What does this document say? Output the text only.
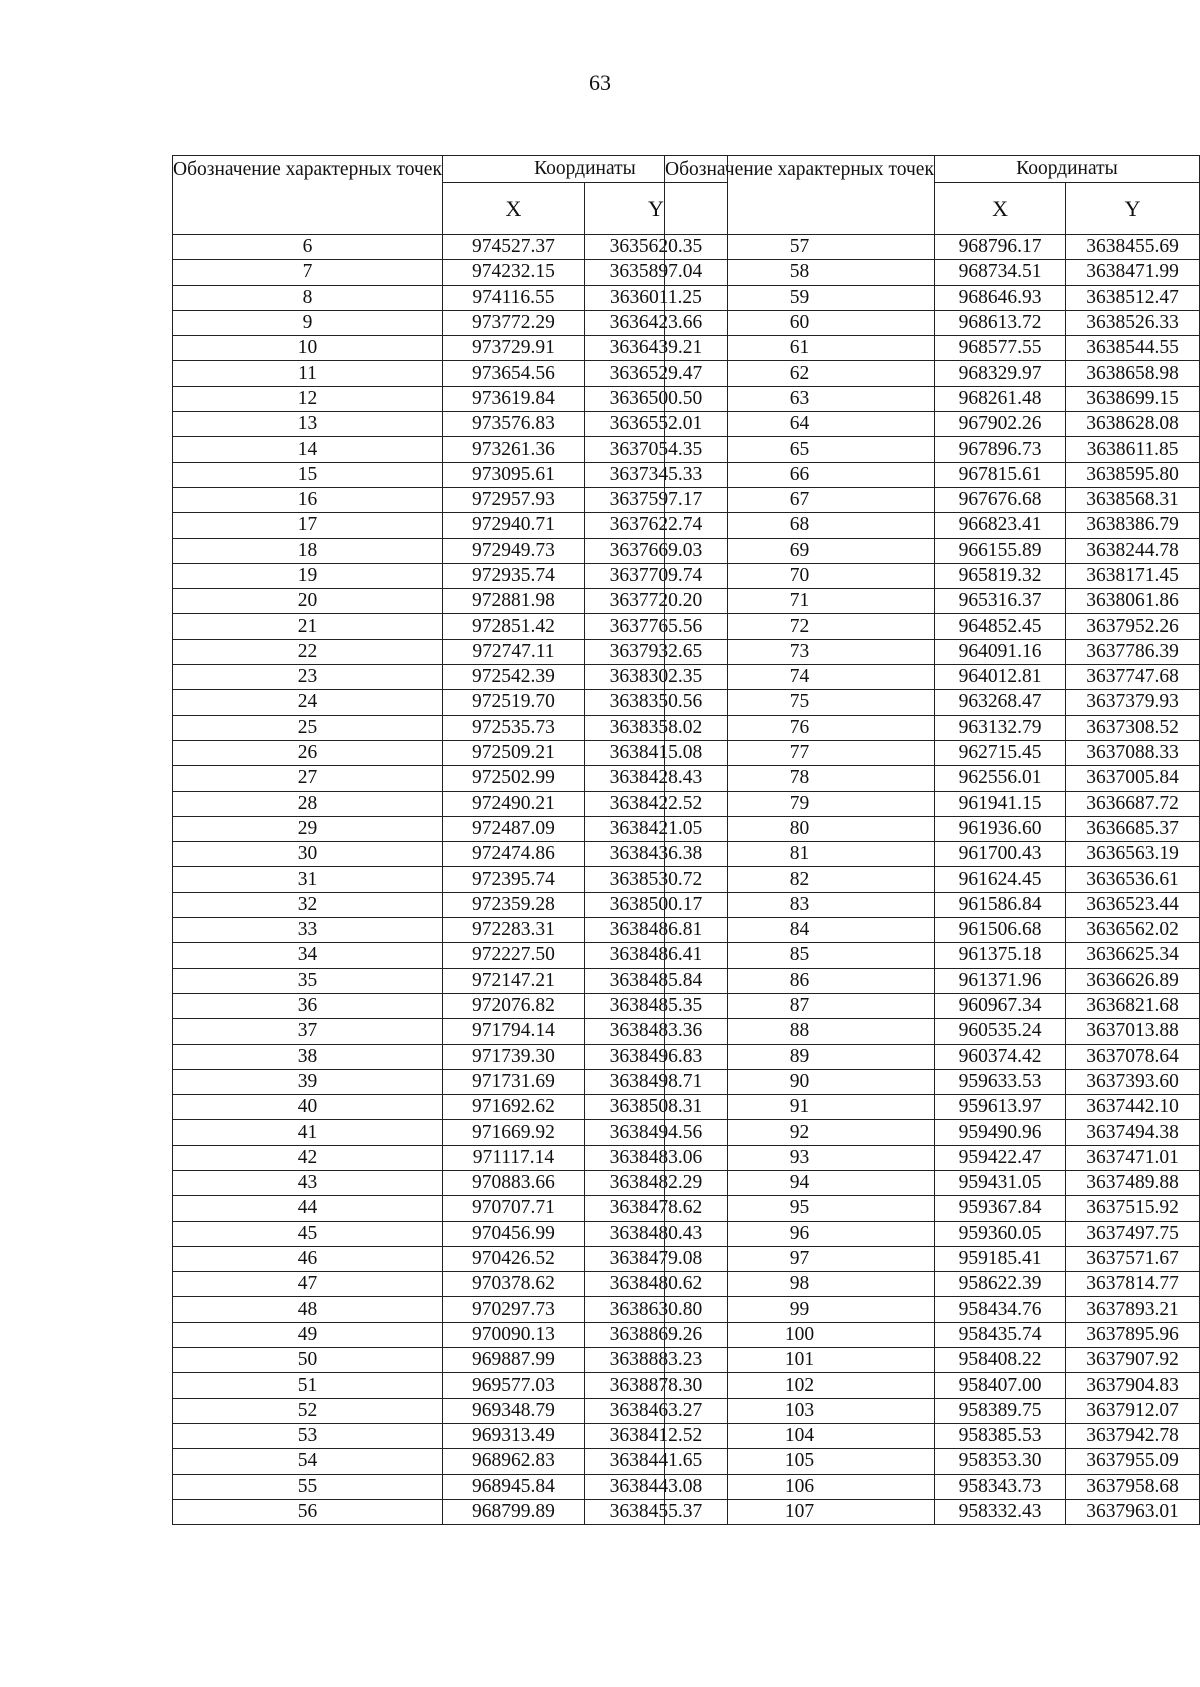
63
Обозначение характерных точек	Координаты	
	X	Y
6	974527.37	3635620.35
7	974232.15	3635897.04
8	974116.55	3636011.25
9	973772.29	3636423.66
10	973729.91	3636439.21
11	973654.56	3636529.47
12	973619.84	3636500.50
13	973576.83	3636552.01
14	973261.36	3637054.35
15	973095.61	3637345.33
16	972957.93	3637597.17
17	972940.71	3637622.74
18	972949.73	3637669.03
19	972935.74	3637709.74
20	972881.98	3637720.20
21	972851.42	3637765.56
22	972747.11	3637932.65
23	972542.39	3638302.35
24	972519.70	3638350.56
25	972535.73	3638358.02
26	972509.21	3638415.08
27	972502.99	3638428.43
28	972490.21	3638422.52
29	972487.09	3638421.05
30	972474.86	3638436.38
31	972395.74	3638530.72
32	972359.28	3638500.17
33	972283.31	3638486.81
34	972227.50	3638486.41
35	972147.21	3638485.84
36	972076.82	3638485.35
37	971794.14	3638483.36
38	971739.30	3638496.83
39	971731.69	3638498.71
40	971692.62	3638508.31
41	971669.92	3638494.56
42	971117.14	3638483.06
43	970883.66	3638482.29
44	970707.71	3638478.62
45	970456.99	3638480.43
46	970426.52	3638479.08
47	970378.62	3638480.62
48	970297.73	3638630.80
49	970090.13	3638869.26
50	969887.99	3638883.23
51	969577.03	3638878.30
52	969348.79	3638463.27
53	969313.49	3638412.52
54	968962.83	3638441.65
55	968945.84	3638443.08
56	968799.89	3638455.37
Обозначение характерных точек	Координаты	
	X	Y
57	968796.17	3638455.69
58	968734.51	3638471.99
59	968646.93	3638512.47
60	968613.72	3638526.33
61	968577.55	3638544.55
62	968329.97	3638658.98
63	968261.48	3638699.15
64	967902.26	3638628.08
65	967896.73	3638611.85
66	967815.61	3638595.80
67	967676.68	3638568.31
68	966823.41	3638386.79
69	966155.89	3638244.78
70	965819.32	3638171.45
71	965316.37	3638061.86
72	964852.45	3637952.26
73	964091.16	3637786.39
74	964012.81	3637747.68
75	963268.47	3637379.93
76	963132.79	3637308.52
77	962715.45	3637088.33
78	962556.01	3637005.84
79	961941.15	3636687.72
80	961936.60	3636685.37
81	961700.43	3636563.19
82	961624.45	3636536.61
83	961586.84	3636523.44
84	961506.68	3636562.02
85	961375.18	3636625.34
86	961371.96	3636626.89
87	960967.34	3636821.68
88	960535.24	3637013.88
89	960374.42	3637078.64
90	959633.53	3637393.60
91	959613.97	3637442.10
92	959490.96	3637494.38
93	959422.47	3637471.01
94	959431.05	3637489.88
95	959367.84	3637515.92
96	959360.05	3637497.75
97	959185.41	3637571.67
98	958622.39	3637814.77
99	958434.76	3637893.21
100	958435.74	3637895.96
101	958408.22	3637907.92
102	958407.00	3637904.83
103	958389.75	3637912.07
104	958385.53	3637942.78
105	958353.30	3637955.09
106	958343.73	3637958.68
107	958332.43	3637963.01
